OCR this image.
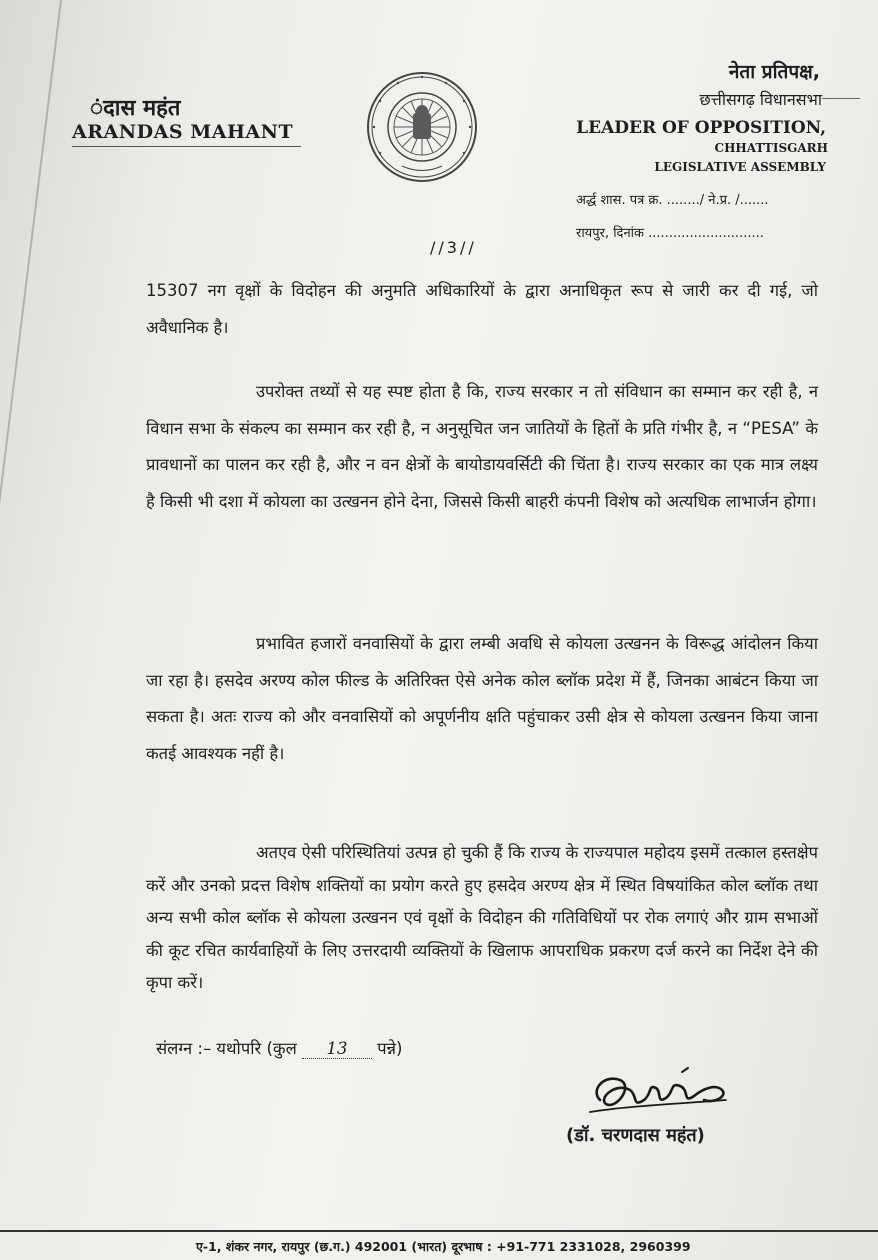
ंदास महंत
ARANDAS MAHANT
नेता प्रतिपक्ष,
छत्तीसगढ़ विधानसभा
LEADER OF OPPOSITION,
CHHATTISGARH
LEGISLATIVE ASSEMBLY
अर्द्ध शास. पत्र क्र. ......../ ने.प्र. /.......
रायपुर, दिनांक ............................
//3//
15307 नग वृक्षों के विदोहन की अनुमति अधिकारियों के द्वारा अनाधिकृत रूप से जारी कर दी गई, जो अवैधानिक है।
उपरोक्त तथ्यों से यह स्पष्ट होता है कि, राज्य सरकार न तो संविधान का सम्मान कर रही है, न विधान सभा के संकल्प का सम्मान कर रही है, न अनुसूचित जन जातियों के हितों के प्रति गंभीर है, न “PESA” के प्रावधानों का पालन कर रही है, और न वन क्षेत्रों के बायोडायवर्सिटी की चिंता है। राज्य सरकार का एक मात्र लक्ष्य है किसी भी दशा में कोयला का उत्खनन होने देना, जिससे किसी बाहरी कंपनी विशेष को अत्यधिक लाभार्जन होगा।
प्रभावित हजारों वनवासियों के द्वारा लम्बी अवधि से कोयला उत्खनन के विरूद्ध आंदोलन किया जा रहा है। हसदेव अरण्य कोल फील्ड के अतिरिक्त ऐसे अनेक कोल ब्लॉक प्रदेश में हैं, जिनका आबंटन किया जा सकता है। अतः राज्य को और वनवासियों को अपूर्णनीय क्षति पहुंचाकर उसी क्षेत्र से कोयला उत्खनन किया जाना कतई आवश्यक नहीं है।
अतएव ऐसी परिस्थितियां उत्पन्न हो चुकी हैं कि राज्य के राज्यपाल महोदय इसमें तत्काल हस्तक्षेप करें और उनको प्रदत्त विशेष शक्तियों का प्रयोग करते हुए हसदेव अरण्य क्षेत्र में स्थित विषयांकित कोल ब्लॉक तथा अन्य सभी कोल ब्लॉक से कोयला उत्खनन एवं वृक्षों के विदोहन की गतिविधियों पर रोक लगाएं और ग्राम सभाओं की कूट रचित कार्यवाहियों के लिए उत्तरदायी व्यक्तियों के खिलाफ आपराधिक प्रकरण दर्ज करने का निर्देश देने की कृपा करें।
संलग्न :– यथोपरि (कुल 13 पन्ने)
(डॉ. चरणदास महंत)
ए-1, शंकर नगर, रायपुर (छ.ग.) 492001 (भारत) दूरभाष : +91-771 2331028, 2960399
